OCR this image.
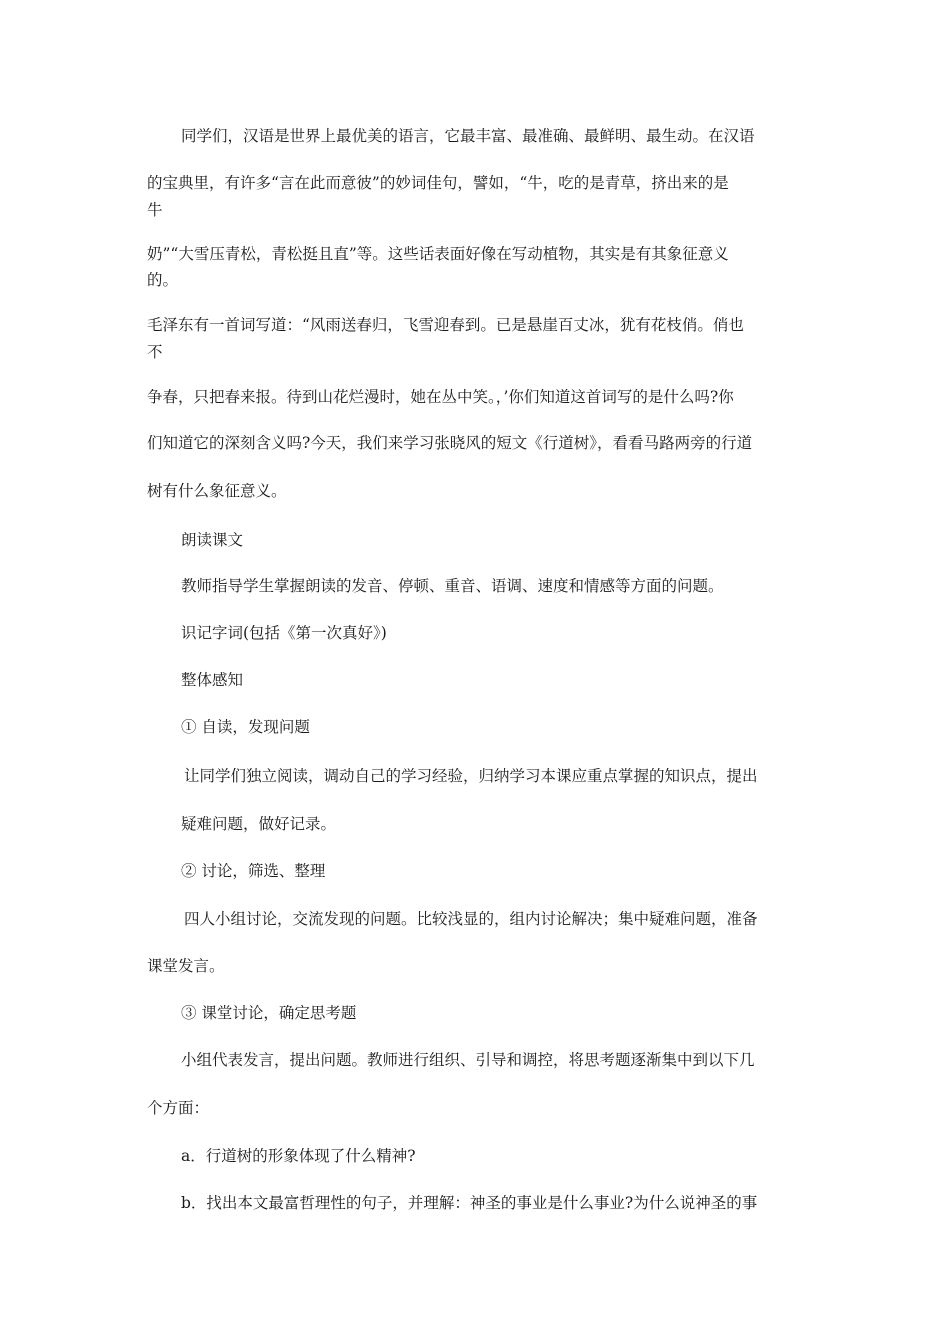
同学们，汉语是世界上最优美的语言，它最丰富、最准确、最鲜明、最生动。在汉语
的宝典里，有许多“言在此而意彼”的妙词佳句，譬如，“牛，吃的是青草，挤出来的是
牛
奶”“大雪压青松，青松挺且直”等。这些话表面好像在写动植物，其实是有其象征意义
的。
毛泽东有一首词写道：“风雨送春归，飞雪迎春到。已是悬崖百丈冰，犹有花枝俏。俏也
不
争春，只把春来报。待到山花烂漫时，她在丛中笑。，’你们知道这首词写的是什么吗?你
们知道它的深刻含义吗?今天，我们来学习张晓风的短文《行道树》，看看马路两旁的行道
树有什么象征意义。
朗读课文
教师指导学生掌握朗读的发音、停顿、重音、语调、速度和情感等方面的问题。
识记字词(包括《第一次真好》)
整体感知
① 自读，发现问题
让同学们独立阅读，调动自己的学习经验，归纳学习本课应重点掌握的知识点，提出
疑难问题，做好记录。
② 讨论，筛选、整理
四人小组讨论，交流发现的问题。比较浅显的，组内讨论解决；集中疑难问题，准备
课堂发言。
③ 课堂讨论，确定思考题
小组代表发言，提出问题。教师进行组织、引导和调控，将思考题逐渐集中到以下几
个方面：
a．行道树的形象体现了什么精神?
b．找出本文最富哲理性的句子，并理解：神圣的事业是什么事业?为什么说神圣的事
